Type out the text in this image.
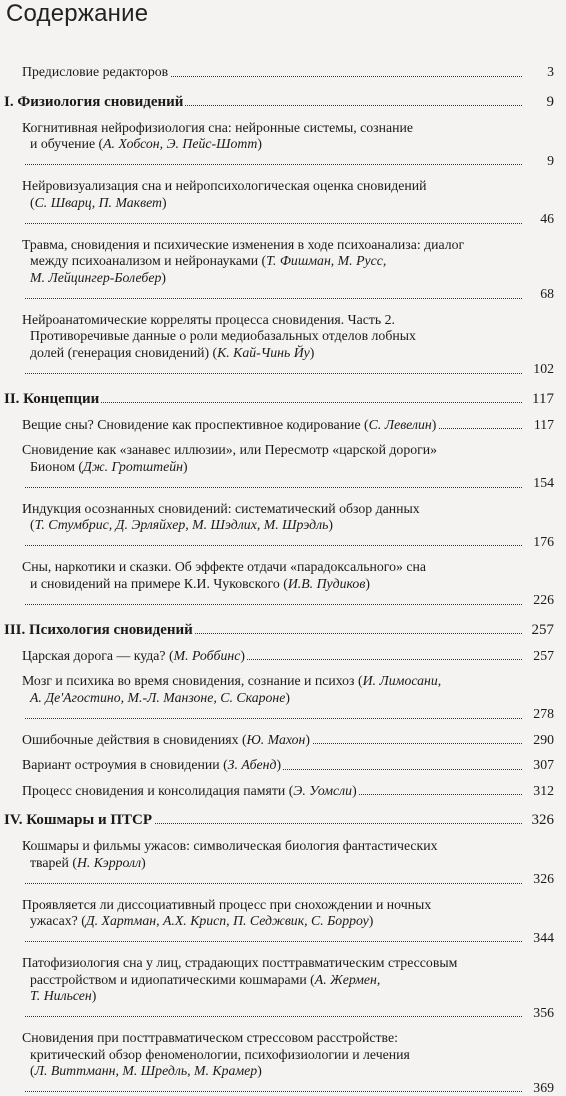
Содержание
Предисловие редакторов	3
I. Физиология сновидений	9
Когнитивная нейрофизиология сна: нейронные системы, сознание
и обучение (А. Хобсон, Э. Пейс-Шотт)
9
Нейровизуализация сна и нейропсихологическая оценка сновидений
(С. Шварц, П. Маквет)
46
Травма, сновидения и психические изменения в ходе психоанализа: диалог
между психоанализом и нейронауками (Т. Фишман, М. Русс,
М. Лейцингер-Болебер)
68
Нейроанатомические корреляты процесса сновидения. Часть 2.
Противоречивые данные о роли медиобазальных отделов лобных
долей (генерация сновидений) (К. Кай-Чинь Йу)
102
II. Концепции	117
Вещие сны? Сновидение как проспективное кодирование (С. Левелин)	117
Сновидение как «занавес иллюзии», или Пересмотр «царской дороги»
Бионом (Дж. Гротштейн)
154
Индукция осознанных сновидений: систематический обзор данных
(Т. Стумбрис, Д. Эрляйхер, М. Шэдлих, М. Шрэдль)
176
Сны, наркотики и сказки. Об эффекте отдачи «парадоксального» сна
и сновидений на примере К.И. Чуковского (И.В. Пудиков)
226
III. Психология сновидений	257
Царская дорога — куда? (М. Роббинс)	257
Мозг и психика во время сновидения, сознание и психоз (И. Лимосани,
А. Де'Агостино, М.-Л. Манзоне, С. Скароне)
278
Ошибочные действия в сновидениях (Ю. Махон)	290
Вариант остроумия в сновидении (З. Абенд)	307
Процесс сновидения и консолидация памяти (Э. Уомсли)	312
IV. Кошмары и ПТСР	326
Кошмары и фильмы ужасов: символическая биология фантастических
тварей (Н. Кэрролл)
326
Проявляется ли диссоциативный процесс при снохождении и ночных
ужасах? (Д. Хартман, А.Х. Крисп, П. Седжвик, С. Борроу)
344
Патофизиология сна у лиц, страдающих посттравматическим стрессовым
расстройством и идиопатическими кошмарами (А. Жермен,
Т. Нильсен)
356
Сновидения при посттравматическом стрессовом расстройстве:
критический обзор феноменологии, психофизиологии и лечения
(Л. Виттманн, М. Шредль, М. Крамер)
369
